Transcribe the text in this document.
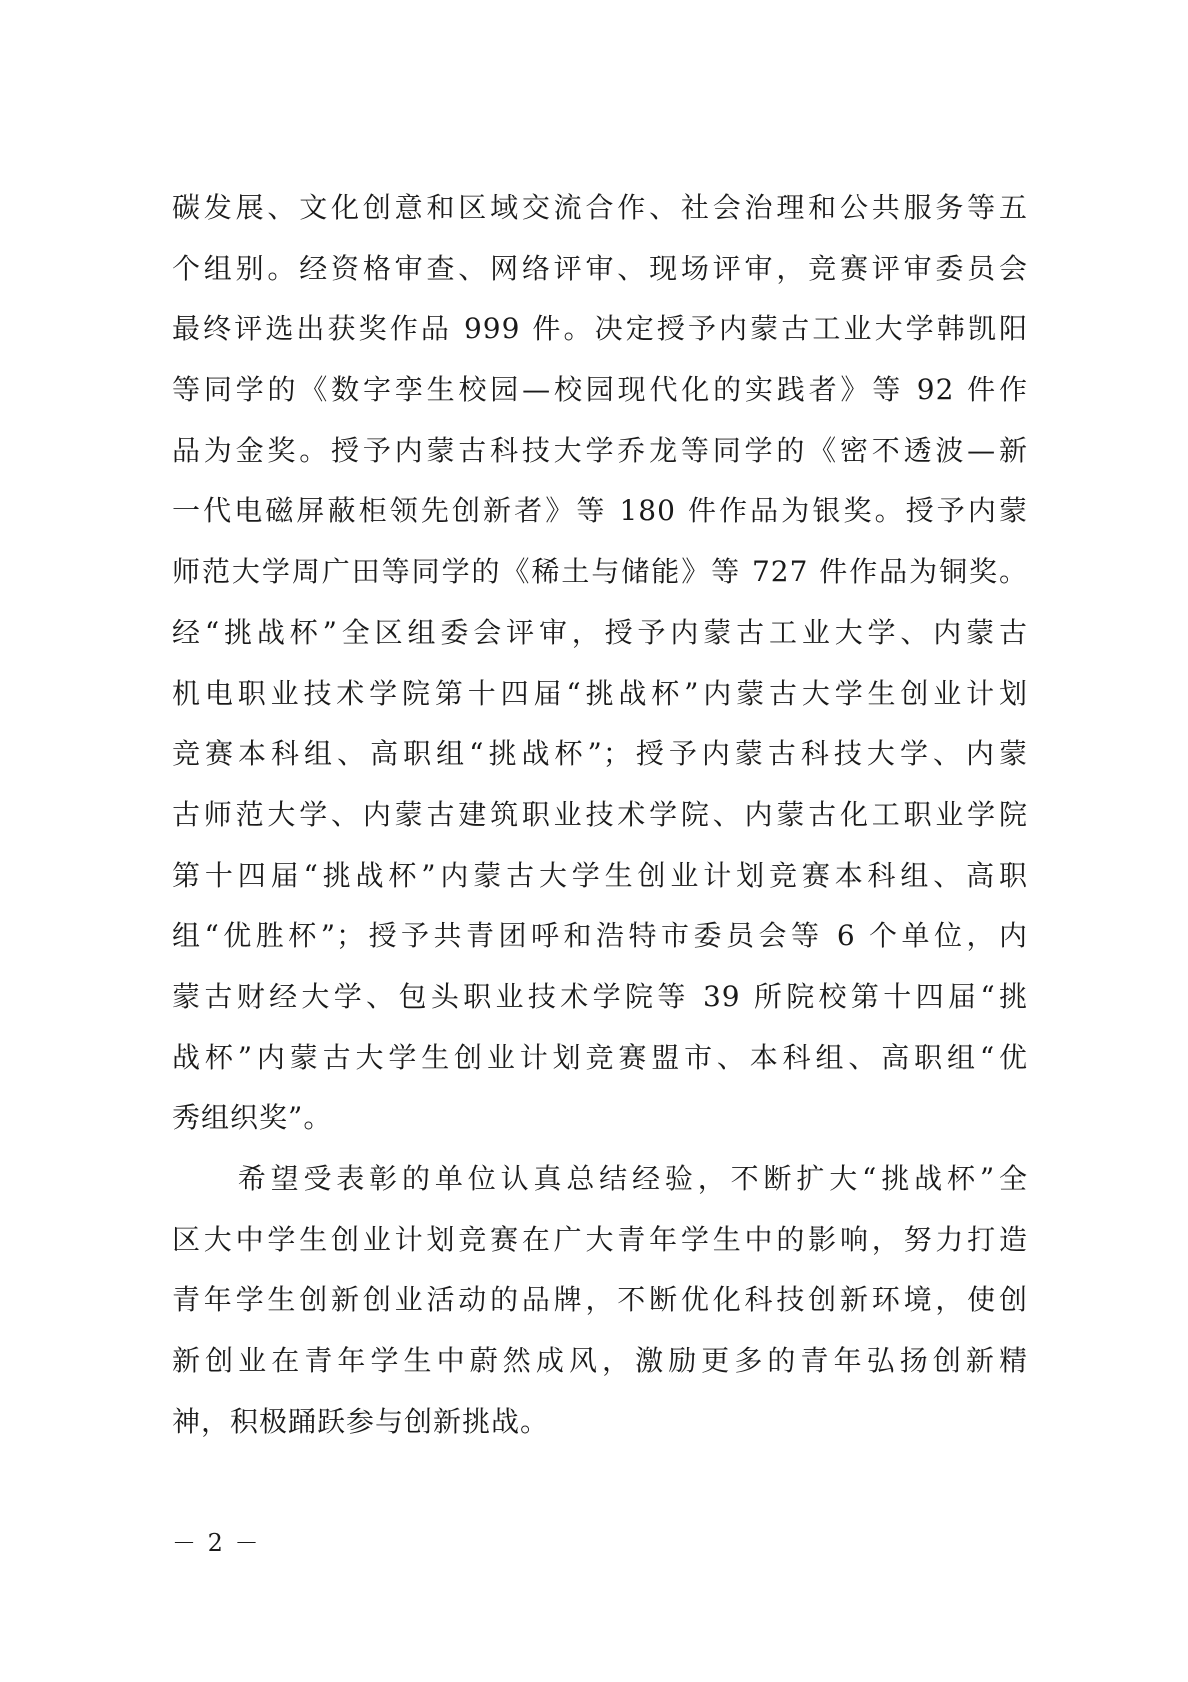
碳发展、文化创意和区域交流合作、社会治理和公共服务等五
个组别。经资格审查、网络评审、现场评审，竞赛评审委员会
最终评选出获奖作品 999 件。决定授予内蒙古工业大学韩凯阳
等同学的《数字孪生校园—校园现代化的实践者》等 92 件作
品为金奖。授予内蒙古科技大学乔龙等同学的《密不透波—新
一代电磁屏蔽柜领先创新者》等 180 件作品为银奖。授予内蒙
师范大学周广田等同学的《稀土与储能》等 727 件作品为铜奖。
经“挑战杯”全区组委会评审，授予内蒙古工业大学、内蒙古
机电职业技术学院第十四届“挑战杯”内蒙古大学生创业计划
竞赛本科组、高职组“挑战杯”；授予内蒙古科技大学、内蒙
古师范大学、内蒙古建筑职业技术学院、内蒙古化工职业学院
第十四届“挑战杯”内蒙古大学生创业计划竞赛本科组、高职
组“优胜杯”；授予共青团呼和浩特市委员会等 6 个单位，内
蒙古财经大学、包头职业技术学院等 39 所院校第十四届“挑
战杯”内蒙古大学生创业计划竞赛盟市、本科组、高职组“优
秀组织奖”。
　　希望受表彰的单位认真总结经验，不断扩大“挑战杯”全
区大中学生创业计划竞赛在广大青年学生中的影响，努力打造
青年学生创新创业活动的品牌，不断优化科技创新环境，使创
新创业在青年学生中蔚然成风，激励更多的青年弘扬创新精
神，积极踊跃参与创新挑战。
－ 2 －
